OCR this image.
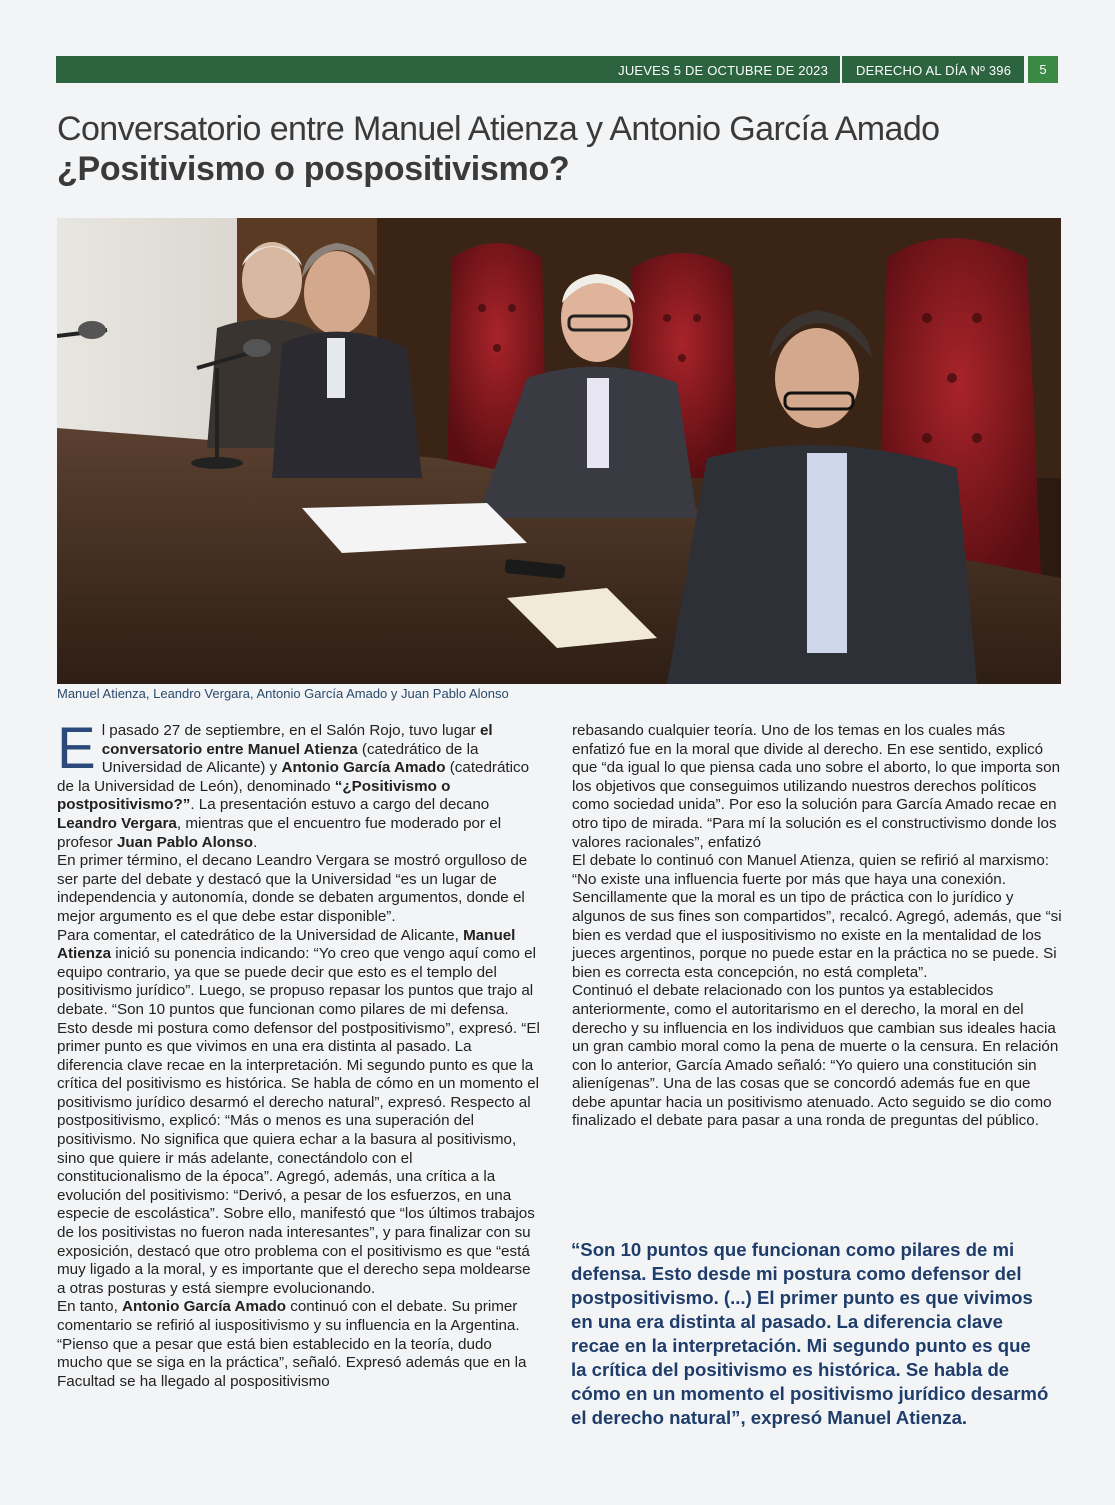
JUEVES 5 DE OCTUBRE DE 2023 DERECHO AL DÍA Nº 396	5
Conversatorio entre Manuel Atienza y Antonio García Amado
¿Positivismo o pospositivismo?
Manuel Atienza, Leandro Vergara, Antonio García Amado y Juan Pablo Alonso

El pasado 27 de septiembre, en el Salón Rojo, tuvo lugar el conversatorio entre Manuel Atienza (catedrático de la Universidad de Alicante) y Antonio García Amado (catedrático de la Universidad de León), denominado “¿Positivismo o postpositivismo?”. La presentación estuvo a cargo del decano Leandro Vergara, mientras que el encuentro fue moderado por el profesor Juan Pablo Alonso.

En primer término, el decano Leandro Vergara se mostró orgulloso de ser parte del debate y destacó que la Universidad “es un lugar de independencia y autonomía, donde se debaten argumentos, donde el mejor argumento es el que debe estar disponible”.

Para comentar, el catedrático de la Universidad de Alicante, Manuel Atienza inició su ponencia indicando: “Yo creo que vengo aquí como el equipo contrario, ya que se puede decir que esto es el templo del positivismo jurídico”. Luego, se propuso repasar los puntos que trajo al debate. “Son 10 puntos que funcionan como pilares de mi defensa. Esto desde mi postura como defensor del postpositivismo”, expresó. “El primer punto es que vivimos en una era distinta al pasado. La diferencia clave recae en la interpretación. Mi segundo punto es que la crítica del positivismo es histórica. Se habla de cómo en un momento el positivismo jurídico desarmó el derecho natural”, expresó. Respecto al postpositivismo, explicó: “Más o menos es una superación del positivismo. No significa que quiera echar a la basura al positivismo, sino que quiere ir más adelante, conectándolo con el constitucionalismo de la época”. Agregó, además, una crítica a la evolución del positivismo: “Derivó, a pesar de los esfuerzos, en una especie de escolástica”. Sobre ello, manifestó que “los últimos trabajos de los positivistas no fueron nada interesantes”, y para finalizar con su exposición, destacó que otro problema con el positivismo es que “está muy ligado a la moral, y es importante que el derecho sepa moldearse a otras posturas y está siempre evolucionando.

En tanto, Antonio García Amado continuó con el debate. Su primer comentario se refirió al iuspositivismo y su influencia en la Argentina. “Pienso que a pesar que está bien establecido en la teoría, dudo mucho que se siga en la práctica”, señaló. Expresó además que en la Facultad se ha llegado al pospositivismo

rebasando cualquier teoría. Uno de los temas en los cuales más enfatizó fue en la moral que divide al derecho. En ese sentido, explicó que “da igual lo que piensa cada uno sobre el aborto, lo que importa son los objetivos que conseguimos utilizando nuestros derechos políticos como sociedad unida”. Por eso la solución para García Amado recae en otro tipo de mirada. “Para mí la solución es el constructivismo donde los valores racionales”, enfatizó

El debate lo continuó con Manuel Atienza, quien se refirió al marxismo: “No existe una influencia fuerte por más que haya una conexión. Sencillamente que la moral es un tipo de práctica con lo jurídico y algunos de sus fines son compartidos”, recalcó. Agregó, además, que “si bien es verdad que el iuspositivismo no existe en la mentalidad de los jueces argentinos, porque no puede estar en la práctica no se puede. Si bien es correcta esta concepción, no está completa”.

Continuó el debate relacionado con los puntos ya establecidos anteriormente, como el autoritarismo en el derecho, la moral en del derecho y su influencia en los individuos que cambian sus ideales hacia un gran cambio moral como la pena de muerte o la censura. En relación con lo anterior, García Amado señaló: “Yo quiero una constitución sin alienígenas”. Una de las cosas que se concordó además fue en que debe apuntar hacia un positivismo atenuado. Acto seguido se dio como finalizado el debate para pasar a una ronda de preguntas del público.

“Son 10 puntos que funcionan como pilares de mi defensa. Esto desde mi postura como defensor del postpositivismo. (...) El primer punto es que vivimos en una era distinta al pasado. La diferencia clave recae en la interpretación. Mi segundo punto es que la crítica del positivismo es histórica. Se habla de cómo en un momento el positivismo jurídico desarmó el derecho natural”, expresó Manuel Atienza.
